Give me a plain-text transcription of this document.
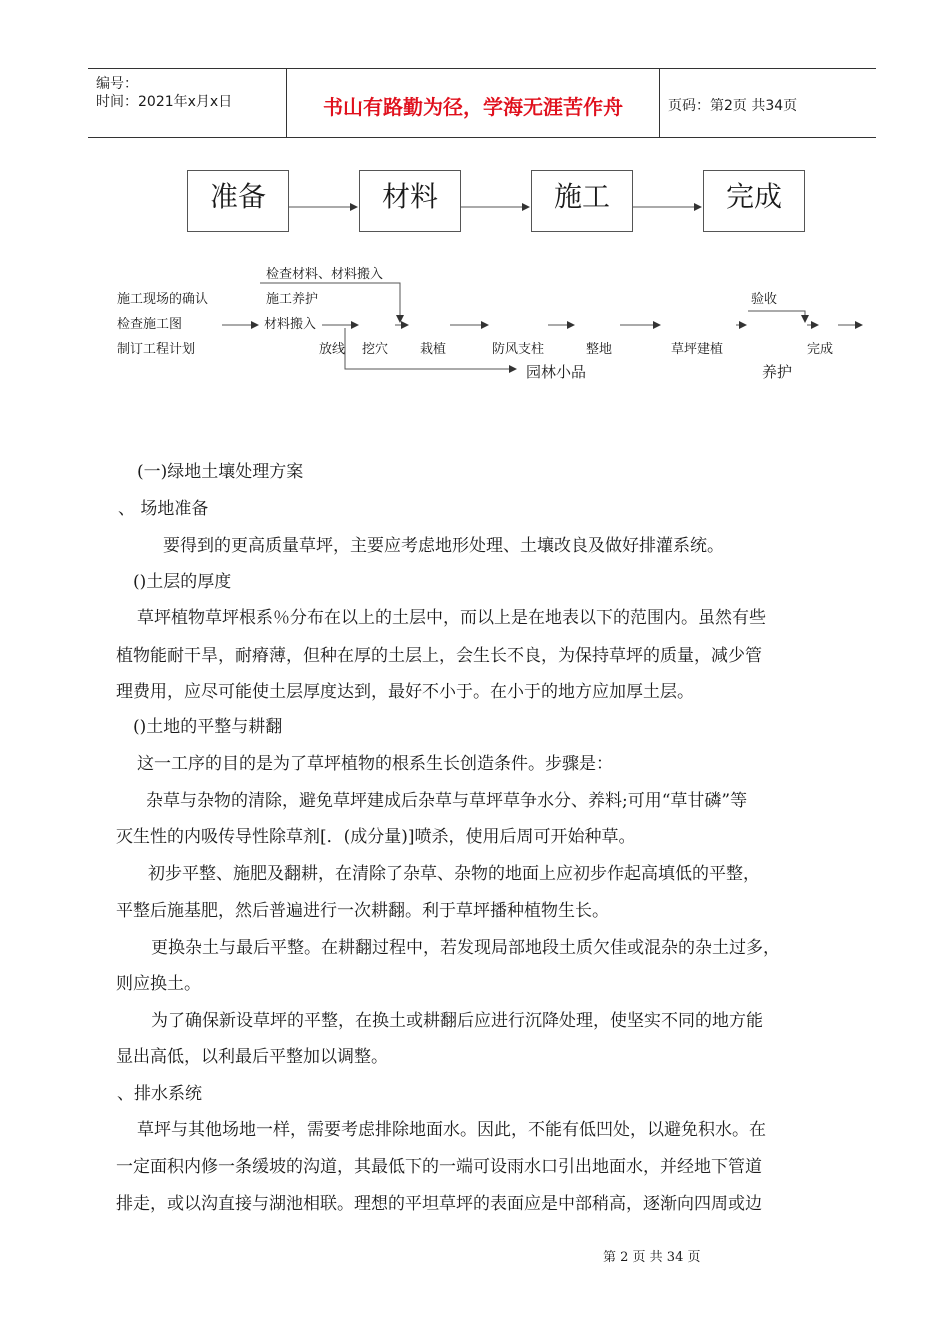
编号：
时间：2021年x月x日	书山有路勤为径，学海无涯苦作舟	页码：第2页 共34页
准备	材料	施工	完成
施工现场的确认
检查施工图
制订工程计划
检查材料、材料搬入
施工养护
材料搬入
放线 挖穴 栽植	防风支柱	整地	草坪建植	完成
验收
养护
园林小品
(一)绿地土壤处理方案
、 场地准备
要得到的更高质量草坪，主要应考虑地形处理、土壤改良及做好排灌系统。
()土层的厚度
草坪植物草坪根系％分布在以上的土层中，而以上是在地表以下的范围内。虽然有些
植物能耐干旱，耐瘠薄，但种在厚的土层上，会生长不良，为保持草坪的质量，减少管
理费用，应尽可能使土层厚度达到，最好不小于。在小于的地方应加厚土层。
()土地的平整与耕翻
这一工序的目的是为了草坪植物的根系生长创造条件。步骤是：
杂草与杂物的清除，避免草坪建成后杂草与草坪草争水分、养料;可用“草甘磷”等
灭生性的内吸传导性除草剂[．(成分量)]喷杀，使用后周可开始种草。
初步平整、施肥及翻耕，在清除了杂草、杂物的地面上应初步作起高填低的平整，
平整后施基肥，然后普遍进行一次耕翻。利于草坪播种植物生长。
更换杂土与最后平整。在耕翻过程中，若发现局部地段土质欠佳或混杂的杂土过多，
则应换土。
为了确保新设草坪的平整，在换土或耕翻后应进行沉降处理，使坚实不同的地方能
显出高低，以利最后平整加以调整。
、排水系统
草坪与其他场地一样，需要考虑排除地面水。因此，不能有低凹处，以避免积水。在
一定面积内修一条缓坡的沟道，其最低下的一端可设雨水口引出地面水，并经地下管道
排走，或以沟直接与湖池相联。理想的平坦草坪的表面应是中部稍高，逐渐向四周或边
第 2 页 共 34 页
